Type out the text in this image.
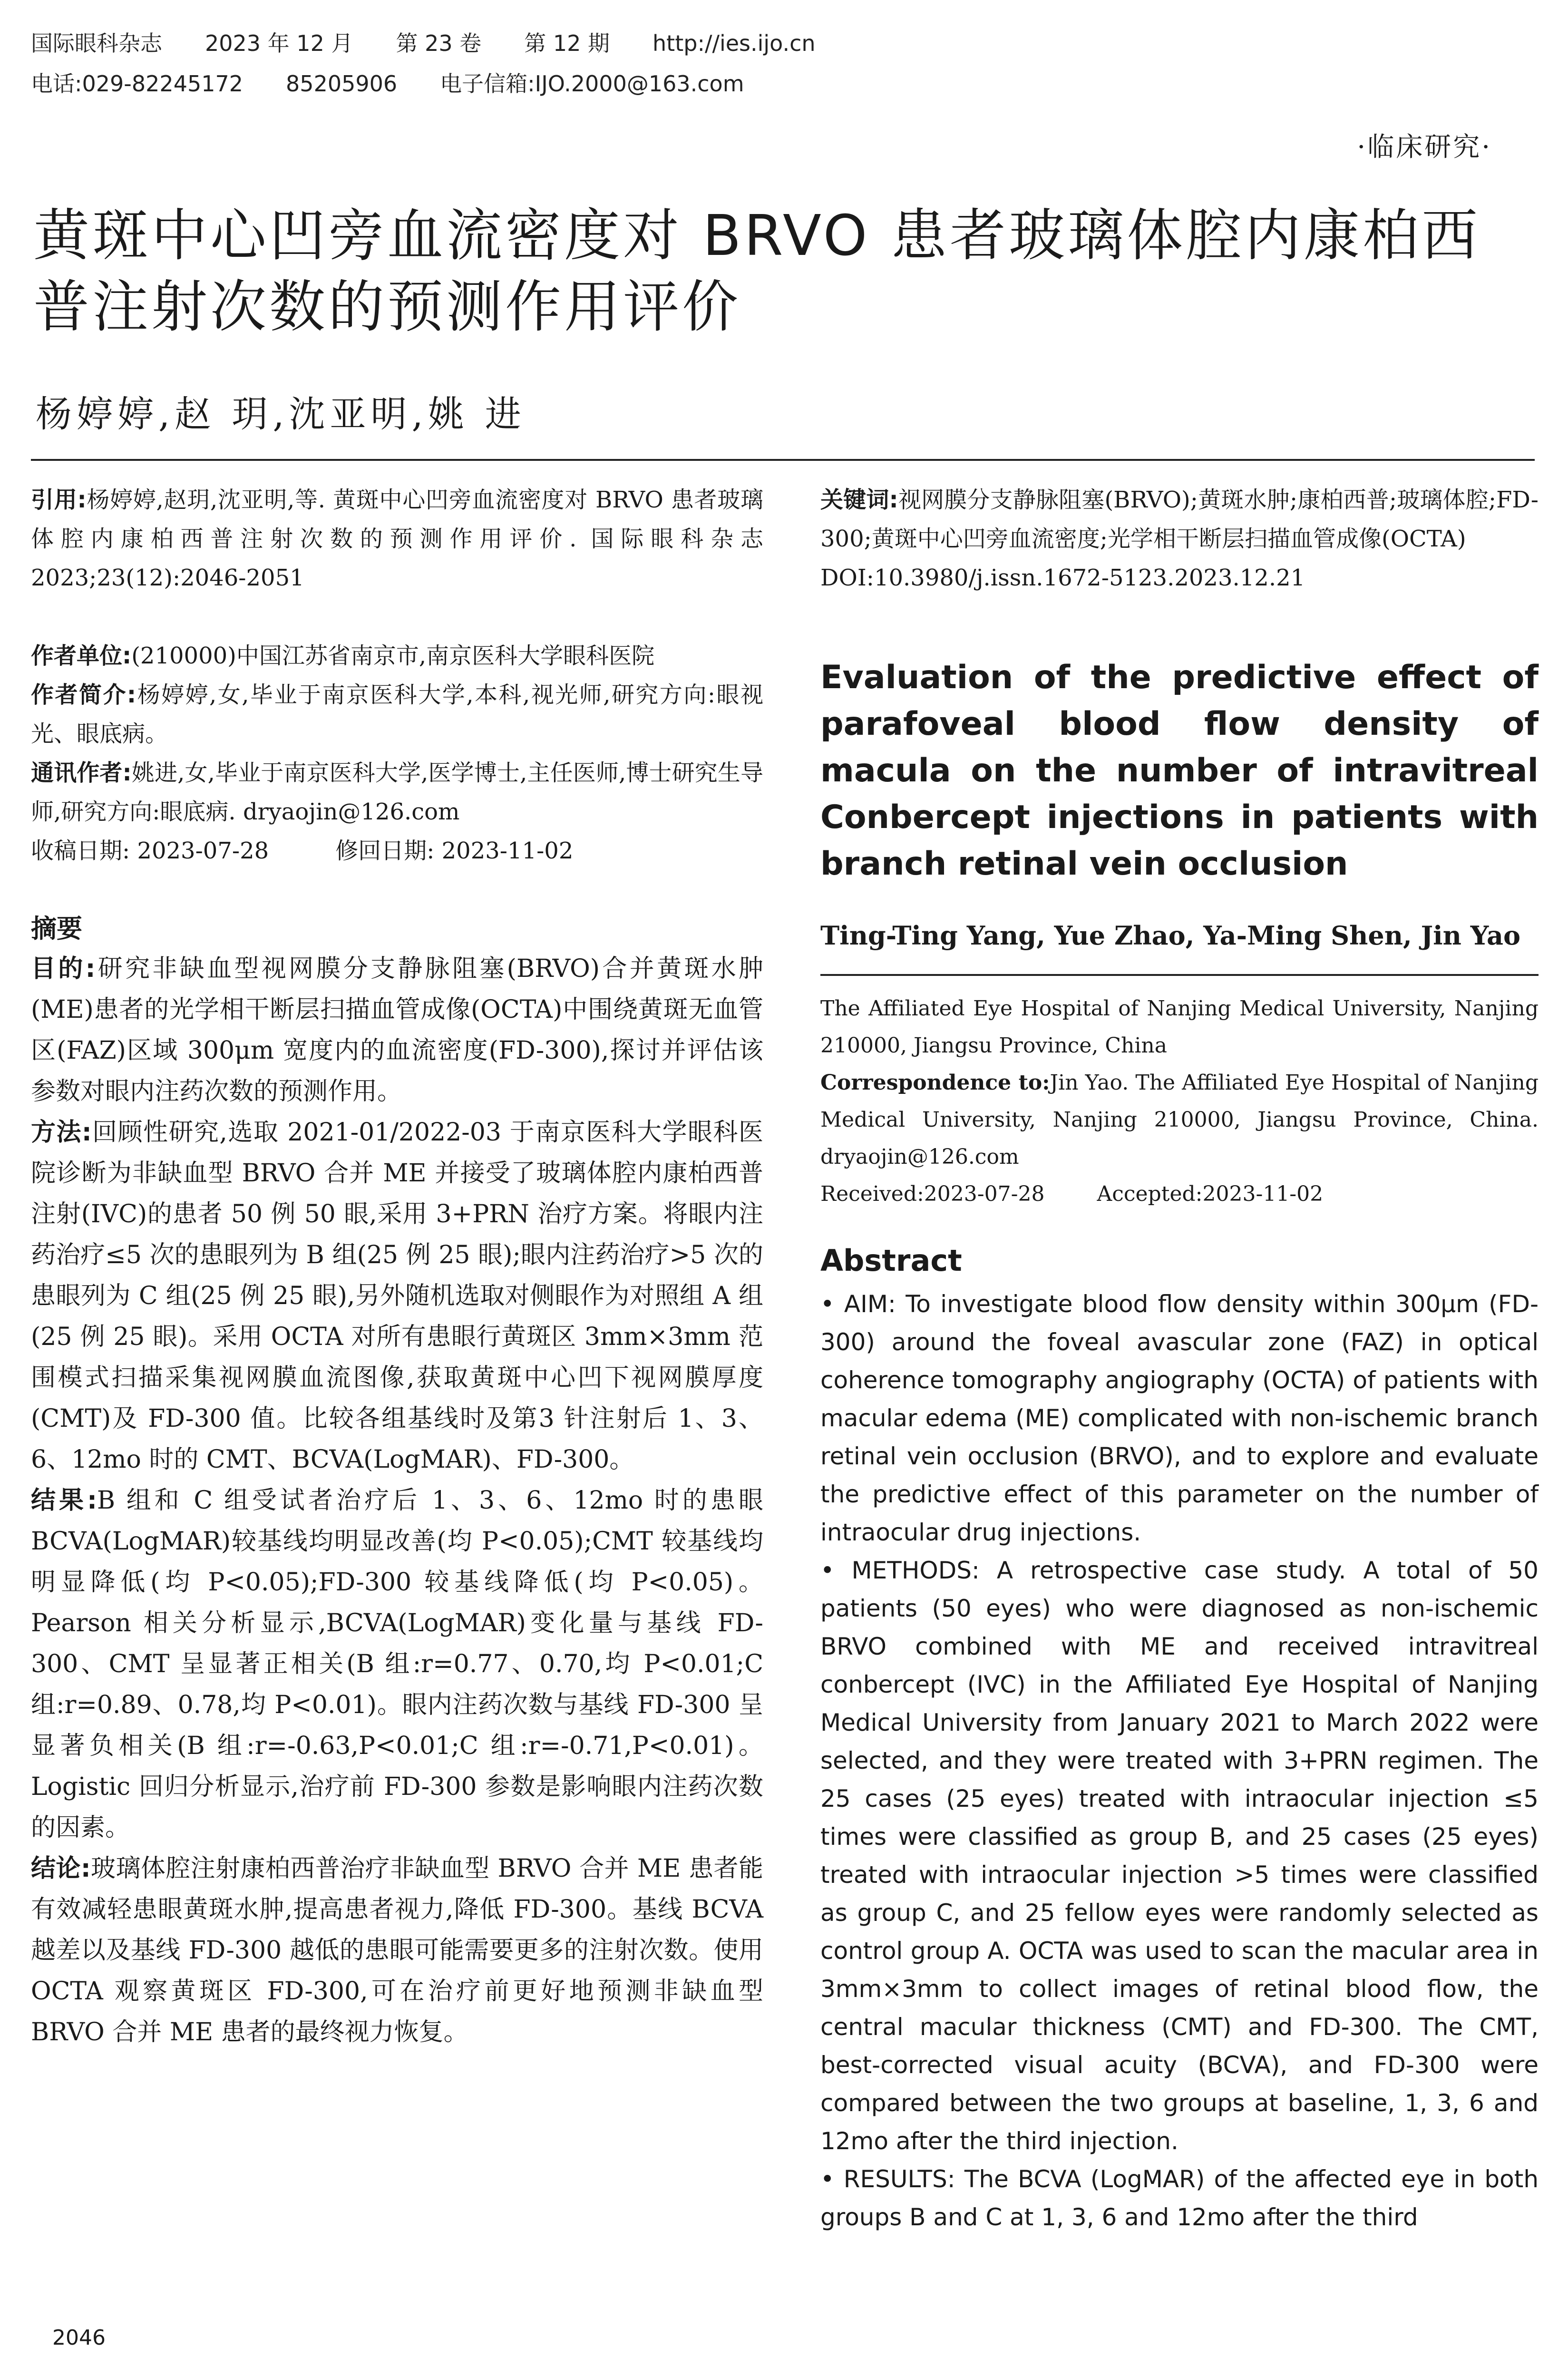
国际眼科杂志 2023 年 12 月 第 23 卷 第 12 期 http://ies.ijo.cn
电话:029-82245172 85205906 电子信箱:IJO.2000@163.com
·临床研究·
黄斑中心凹旁血流密度对 BRVO 患者玻璃体腔内康柏西普注射次数的预测作用评价
杨婷婷,赵 玥,沈亚明,姚 进

引用:杨婷婷,赵玥,沈亚明,等. 黄斑中心凹旁血流密度对 BRVO 患者玻璃体腔内康柏西普注射次数的预测作用评价. 国际眼科杂志 2023;23(12):2046-2051

作者单位:(210000)中国江苏省南京市,南京医科大学眼科医院

作者简介:杨婷婷,女,毕业于南京医科大学,本科,视光师,研究方向:眼视光、眼底病。

通讯作者:姚进,女,毕业于南京医科大学,医学博士,主任医师,博士研究生导师,研究方向:眼底病. dryaojin@126.com

收稿日期: 2023-07-28	修回日期: 2023-11-02

摘要

目的:研究非缺血型视网膜分支静脉阻塞(BRVO)合并黄斑水肿(ME)患者的光学相干断层扫描血管成像(OCTA)中围绕黄斑无血管区(FAZ)区域 300μm 宽度内的血流密度(FD-300),探讨并评估该参数对眼内注药次数的预测作用。

方法:回顾性研究,选取 2021-01/2022-03 于南京医科大学眼科医院诊断为非缺血型 BRVO 合并 ME 并接受了玻璃体腔内康柏西普注射(IVC)的患者 50 例 50 眼,采用 3+PRN 治疗方案。将眼内注药治疗≤5 次的患眼列为 B 组(25 例 25 眼);眼内注药治疗>5 次的患眼列为 C 组(25 例 25 眼),另外随机选取对侧眼作为对照组 A 组(25 例 25 眼)。采用 OCTA 对所有患眼行黄斑区 3mm×3mm 范围模式扫描采集视网膜血流图像,获取黄斑中心凹下视网膜厚度(CMT)及 FD-300 值。比较各组基线时及第3 针注射后 1、3、6、12mo 时的 CMT、BCVA(LogMAR)、FD-300。

结果:B 组和 C 组受试者治疗后 1、3、6、12mo 时的患眼 BCVA(LogMAR)较基线均明显改善(均 P<0.05);CMT 较基线均明显降低(均 P<0.05);FD-300 较基线降低(均 P<0.05)。Pearson 相关分析显示,BCVA(LogMAR)变化量与基线 FD-300、CMT 呈显著正相关(B 组:r=0.77、0.70,均 P<0.01;C 组:r=0.89、0.78,均 P<0.01)。眼内注药次数与基线 FD-300 呈显著负相关(B 组:r=-0.63,P<0.01;C 组:r=-0.71,P<0.01)。Logistic 回归分析显示,治疗前 FD-300 参数是影响眼内注药次数的因素。

结论:玻璃体腔注射康柏西普治疗非缺血型 BRVO 合并 ME 患者能有效减轻患眼黄斑水肿,提高患者视力,降低 FD-300。基线 BCVA 越差以及基线 FD-300 越低的患眼可能需要更多的注射次数。使用 OCTA 观察黄斑区 FD-300,可在治疗前更好地预测非缺血型 BRVO 合并 ME 患者的最终视力恢复。

关键词:视网膜分支静脉阻塞(BRVO);黄斑水肿;康柏西普;玻璃体腔;FD-300;黄斑中心凹旁血流密度;光学相干断层扫描血管成像(OCTA)

DOI:10.3980/j.issn.1672-5123.2023.12.21

Evaluation of the predictive effect of parafoveal blood flow density of macula on the number of intravitreal Conbercept injections in patients with branch retinal vein occlusion

Ting-Ting Yang, Yue Zhao, Ya-Ming Shen, Jin Yao

The Affiliated Eye Hospital of Nanjing Medical University, Nanjing 210000, Jiangsu Province, China

Correspondence to:Jin Yao. The Affiliated Eye Hospital of Nanjing Medical University, Nanjing 210000, Jiangsu Province, China. dryaojin@126.com

Received:2023-07-28	Accepted:2023-11-02

Abstract

• AIM: To investigate blood flow density within 300μm (FD-300) around the foveal avascular zone (FAZ) in optical coherence tomography angiography (OCTA) of patients with macular edema (ME) complicated with non-ischemic branch retinal vein occlusion (BRVO), and to explore and evaluate the predictive effect of this parameter on the number of intraocular drug injections.

• METHODS: A retrospective case study. A total of 50 patients (50 eyes) who were diagnosed as non-ischemic BRVO combined with ME and received intravitreal conbercept (IVC) in the Affiliated Eye Hospital of Nanjing Medical University from January 2021 to March 2022 were selected, and they were treated with 3+PRN regimen. The 25 cases (25 eyes) treated with intraocular injection ≤5 times were classified as group B, and 25 cases (25 eyes) treated with intraocular injection >5 times were classified as group C, and 25 fellow eyes were randomly selected as control group A. OCTA was used to scan the macular area in 3mm×3mm to collect images of retinal blood flow, the central macular thickness (CMT) and FD-300. The CMT, best-corrected visual acuity (BCVA), and FD-300 were compared between the two groups at baseline, 1, 3, 6 and 12mo after the third injection.

• RESULTS: The BCVA (LogMAR) of the affected eye in both groups B and C at 1, 3, 6 and 12mo after the third

2046
